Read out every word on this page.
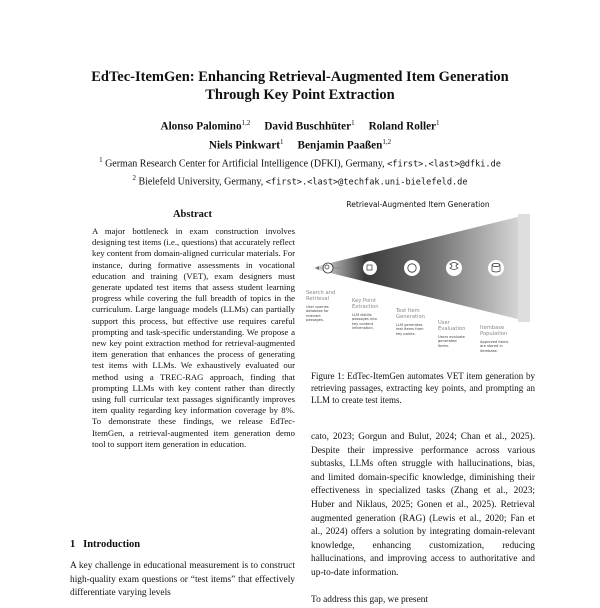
EdTec-ItemGen: Enhancing Retrieval-Augmented Item Generation
Through Key Point Extraction
Alonso Palomino$^{1,2}$ David Buschhüter$^1$ Roland Roller$^1$
Niels Pinkwart$^1$ Benjamin Paaßen$^{1,2}$
$^1$ German Research Center for Artificial Intelligence (DFKI), Germany, <first>.<last>@dfki.de
$^2$ Bielefeld University, Germany, <first>.<last>@techfak.uni-bielefeld.de
Abstract
A major bottleneck in exam construction involves designing test items (i.e., questions) that accurately reflect key content from domain-aligned curricular materials. For instance, during formative assessments in vocational education and training (VET), exam designers must generate updated test items that assess student learning progress while covering the full breadth of topics in the curriculum. Large language models (LLMs) can partially support this process, but effective use requires careful prompting and task-specific understanding. We propose a new key point extraction method for retrieval-augmented item generation that enhances the process of generating test items with LLMs. We exhaustively evaluated our method using a TREC-RAG approach, finding that prompting LLMs with key content rather than directly using full curricular text passages significantly improves item quality regarding key information coverage by 8%. To demonstrate these findings, we release EdTec-ItemGen, a retrieval-augmented item generation demo tool to support item generation in education.
1 Introduction
A key challenge in educational measurement is to construct high-quality exam questions or “test items” that effectively differentiate varying levels
Retrieval-Augmented Item Generation
Search and Retrieval
User queries database for relevant passages.
Key Point Extraction
LLM distills passages into key content information.
Test Item Generation
LLM generates test items from key points.
User Evaluation
Users evaluate generated items.
Itembase Population
Approved items are stored in itembase.
Figure 1: EdTec-ItemGen automates VET item generation by retrieving passages, extracting key points, and prompting an LLM to create test items.
cato, 2023; Gorgun and Bulut, 2024; Chan et al., 2025). Despite their impressive performance across various subtasks, LLMs often struggle with hallucinations, bias, and limited domain-specific knowledge, diminishing their effectiveness in specialized tasks (Zhang et al., 2023; Huber and Niklaus, 2025; Gonen et al., 2025). Retrieval augmented generation (RAG) (Lewis et al., 2020; Fan et al., 2024) offers a solution by integrating domain-relevant knowledge, enhancing customization, reducing hallucinations, and improving access to authoritative and up-to-date information.
To address this gap, we present
